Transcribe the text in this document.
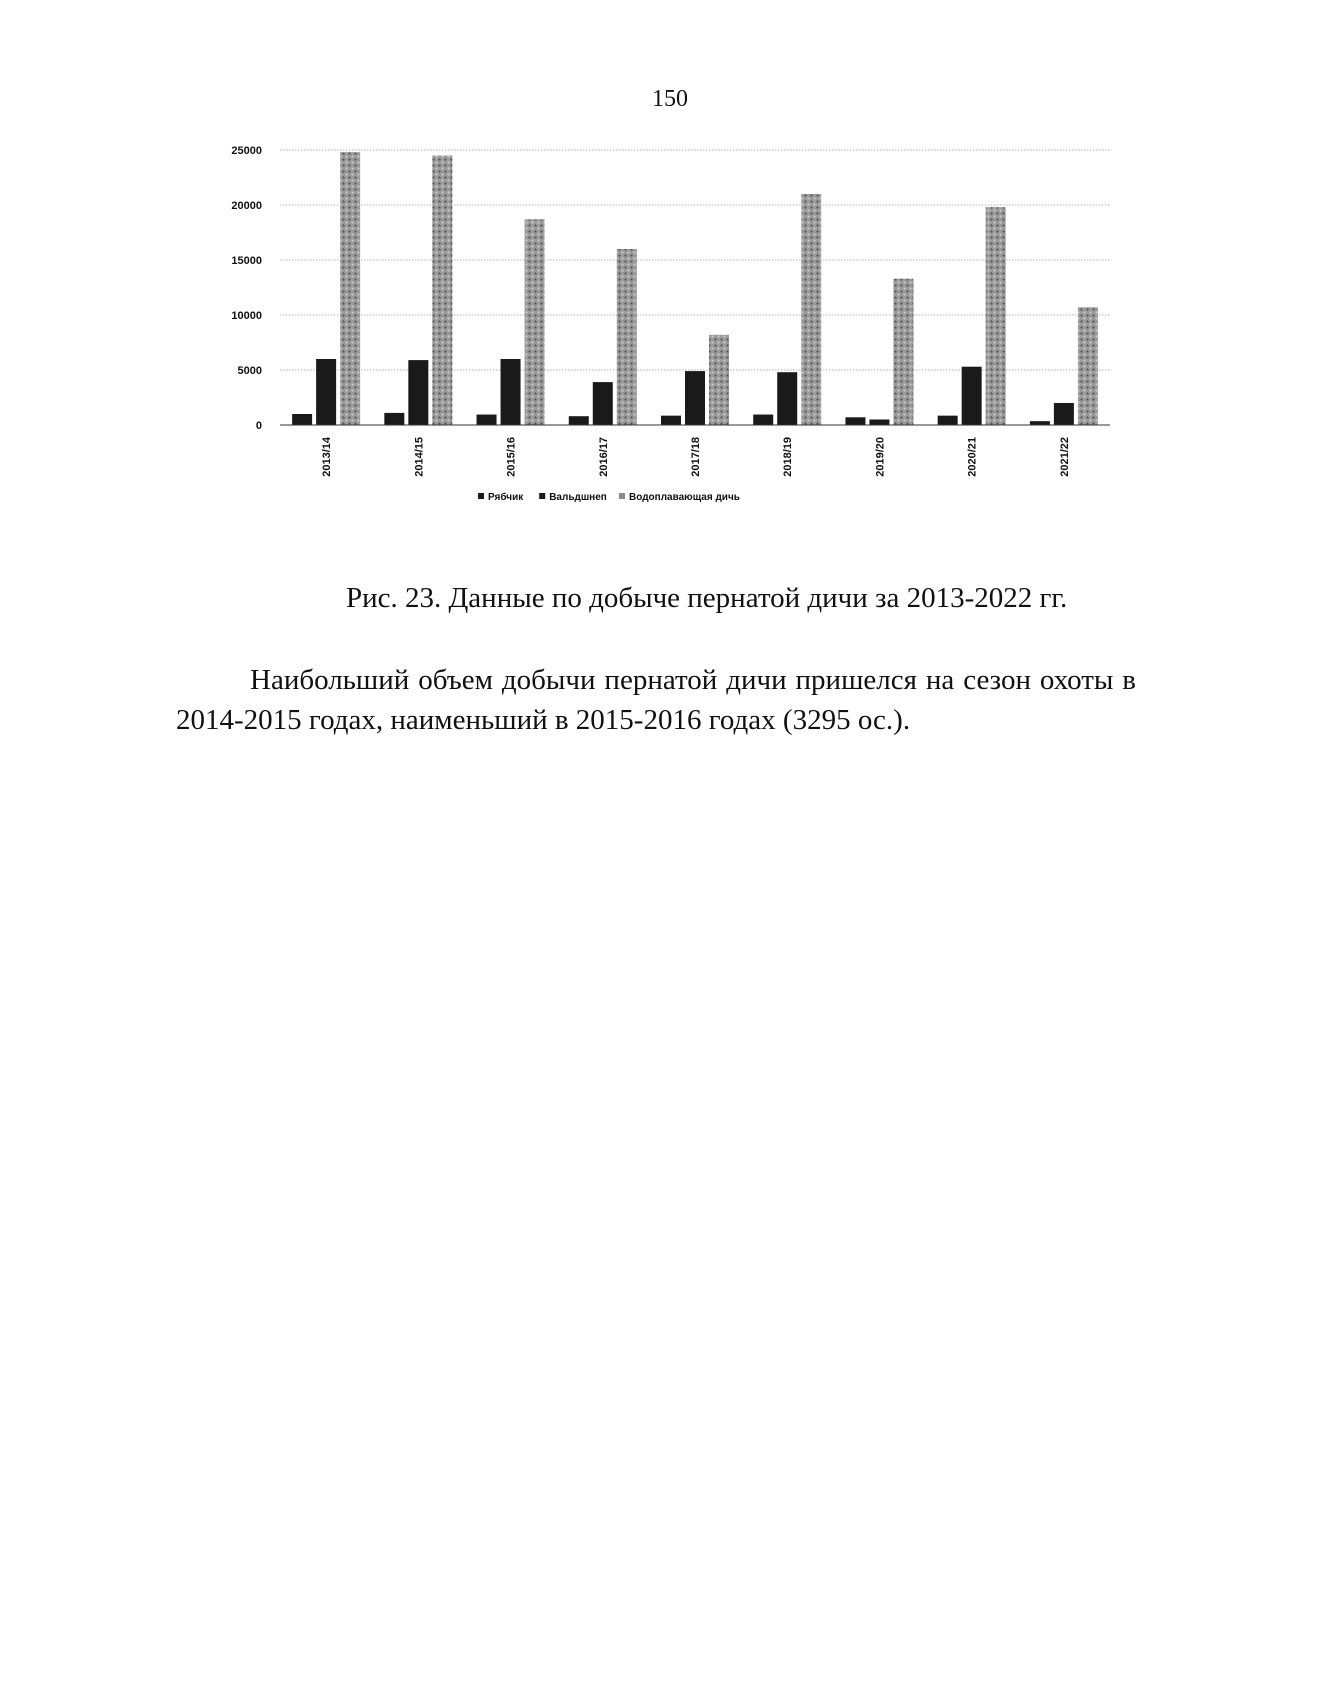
150
0
5000
10000
15000
20000
25000
2013/14	2014/15	2015/16	2016/17	2017/18	2018/19	2019/20	2020/21	2021/22
Рябчик	Вальдшнеп Водоплавающая дичь
Рис. 23. Данные по добыче пернатой дичи за 2013-2022 гг.

Наибольший объем добычи пернатой дичи пришелся на сезон охоты в 2014-2015 годах, наименьший в 2015-2016 годах (3295 ос.).
